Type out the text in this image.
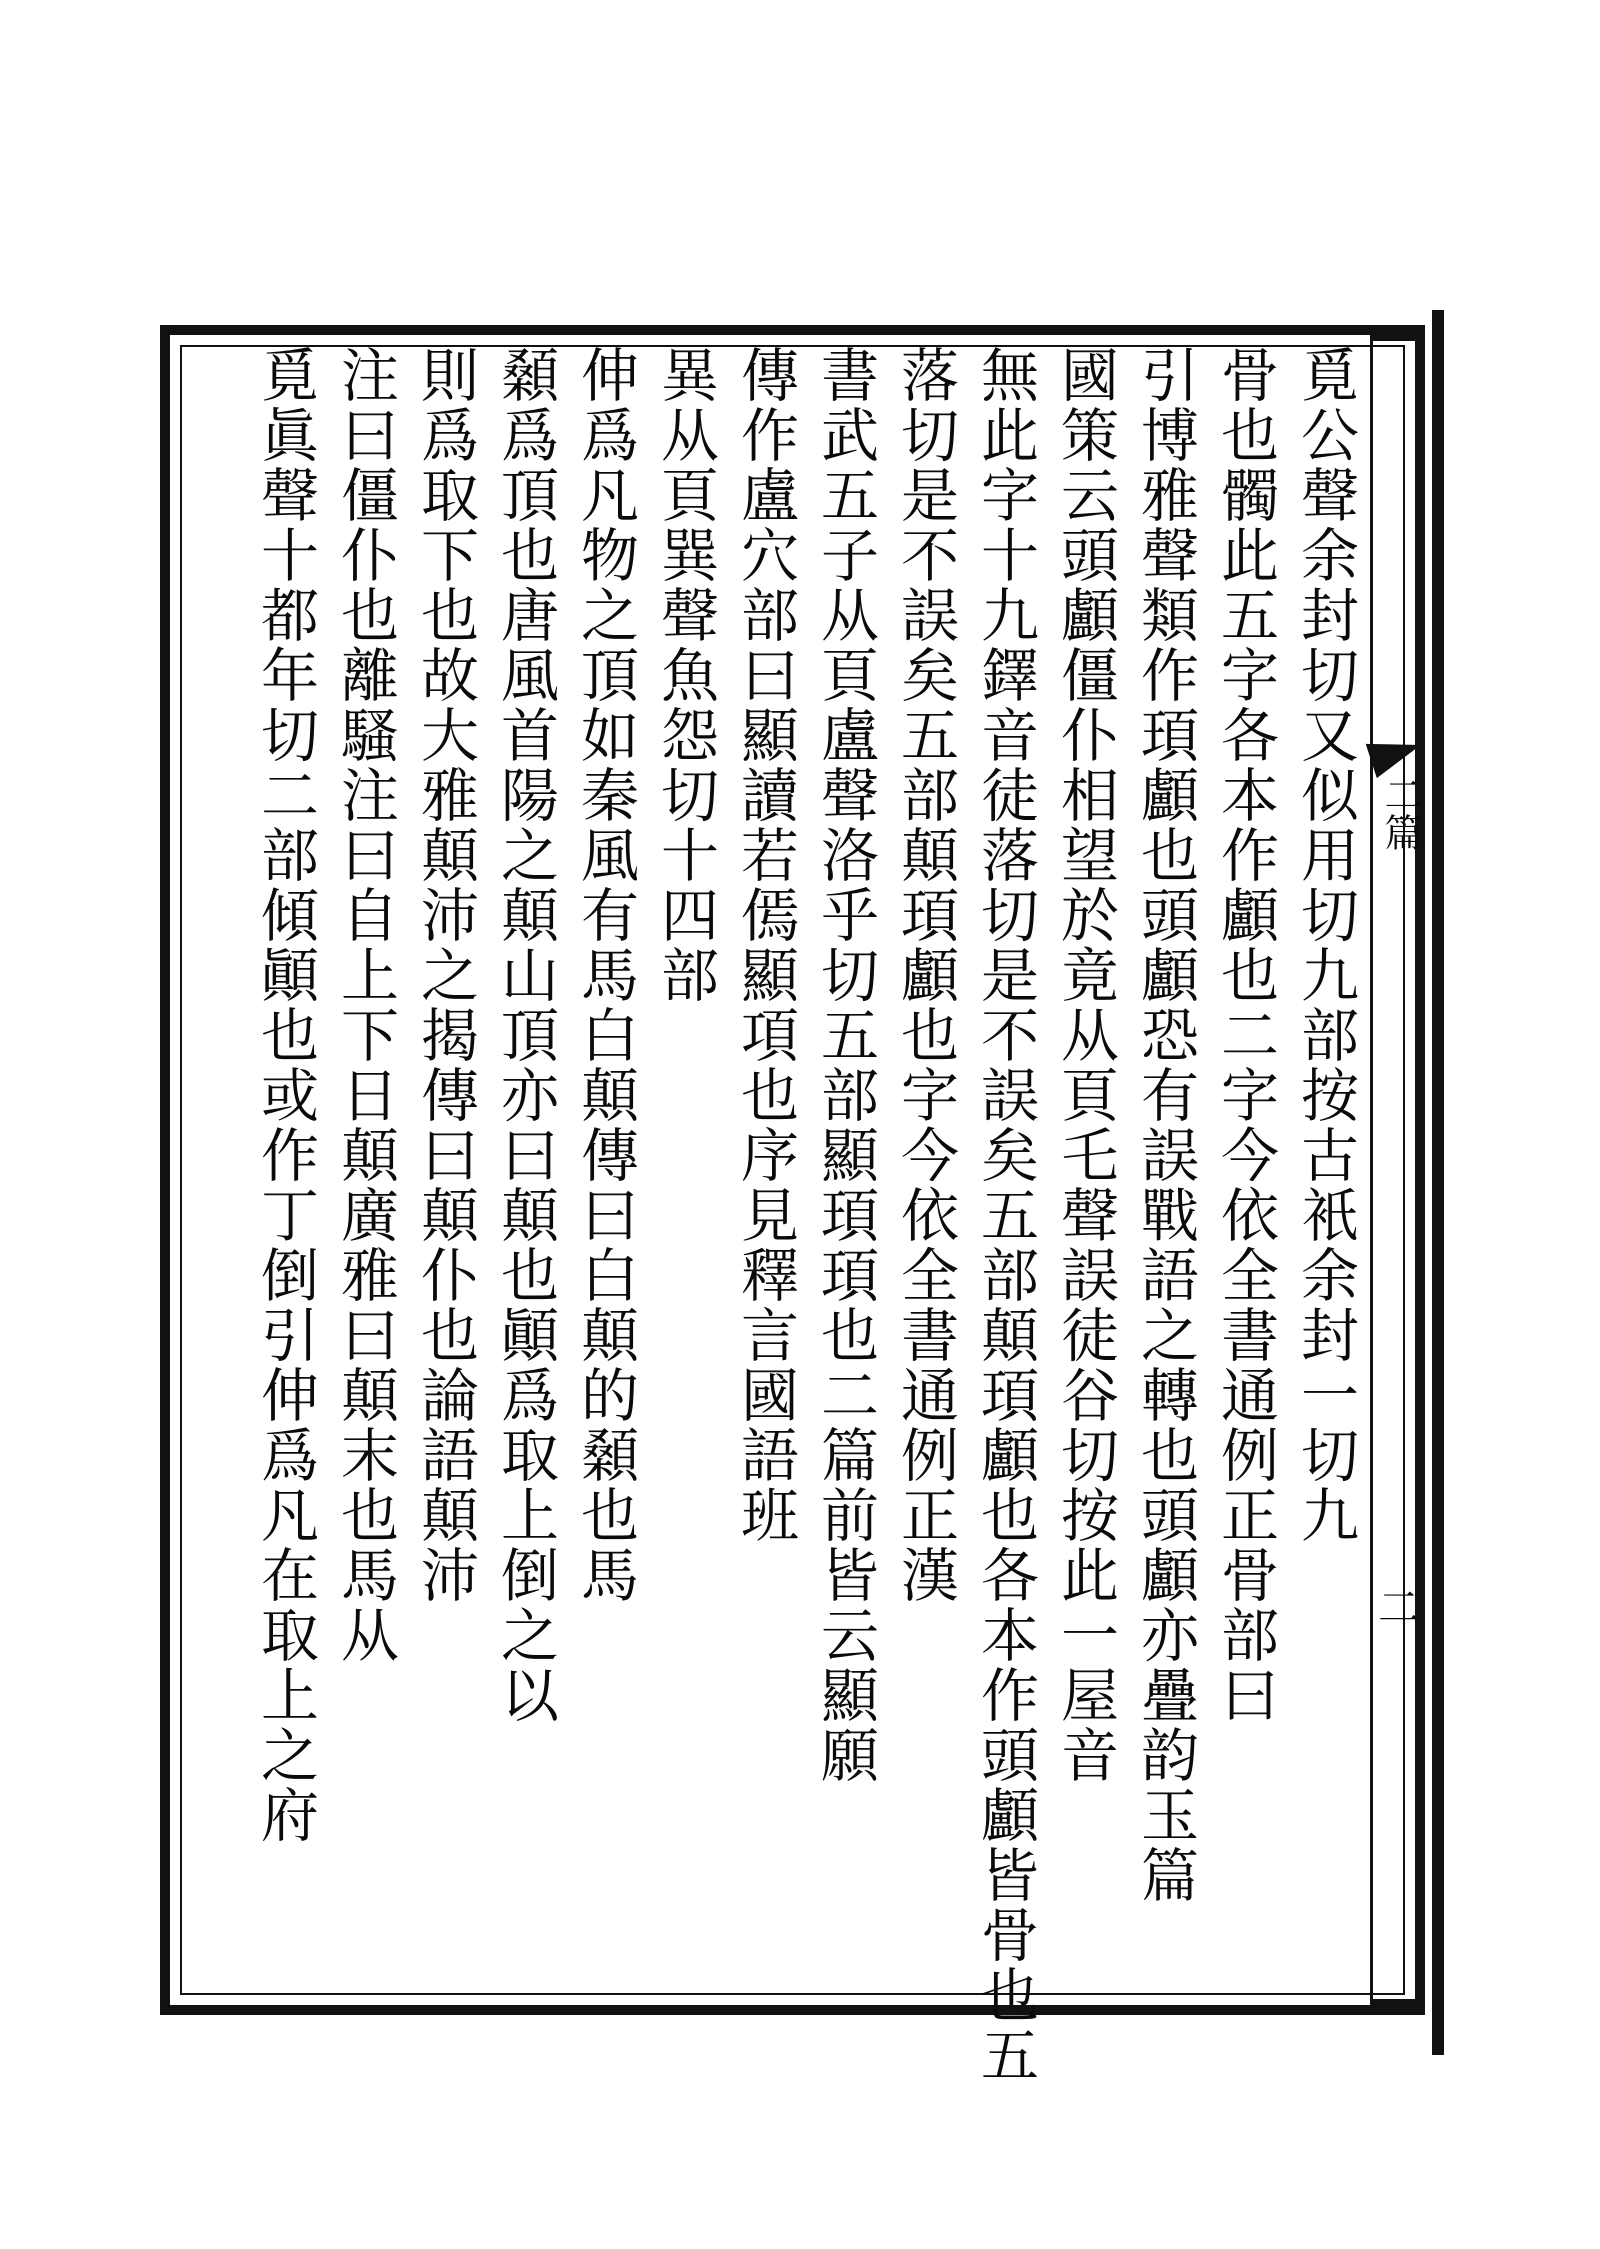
二篇
二
覓公聲余封切又似用切九部按古衹余封一切九
骨也髑此五字各本作顱也二字今依全書通例正骨部曰
引博雅聲類作頊顱也頭顱恐有誤戰語之轉也頭顱亦疊韵玉篇
國策云頭顱僵仆相望於竟从頁乇聲誤徒谷切按此一屋音
無此字十九鐸音徒落切是不誤矣五部顛頊顱也各本作頭顱皆骨也五
落切是不誤矣五部顛頊顱也字今依全書通例正漢
書武五子从頁盧聲洛乎切五部顯頊頊也二篇前皆云顯願
傳作盧穴部曰顯讀若傿顯項也序見釋言國語班
異从頁巽聲魚怨切十四部
伸爲凡物之頂如秦風有馬白顛傳曰白顛的顙也馬
顙爲頂也唐風首陽之顛山頂亦曰顛也顚爲取上倒之以
則爲取下也故大雅顛沛之揭傳曰顛仆也論語顛沛
注曰僵仆也離騷注曰自上下日顛廣雅曰顛末也馬从
覓眞聲十都年切二部傾顚也或作丁倒引伸爲凡在取上之府
